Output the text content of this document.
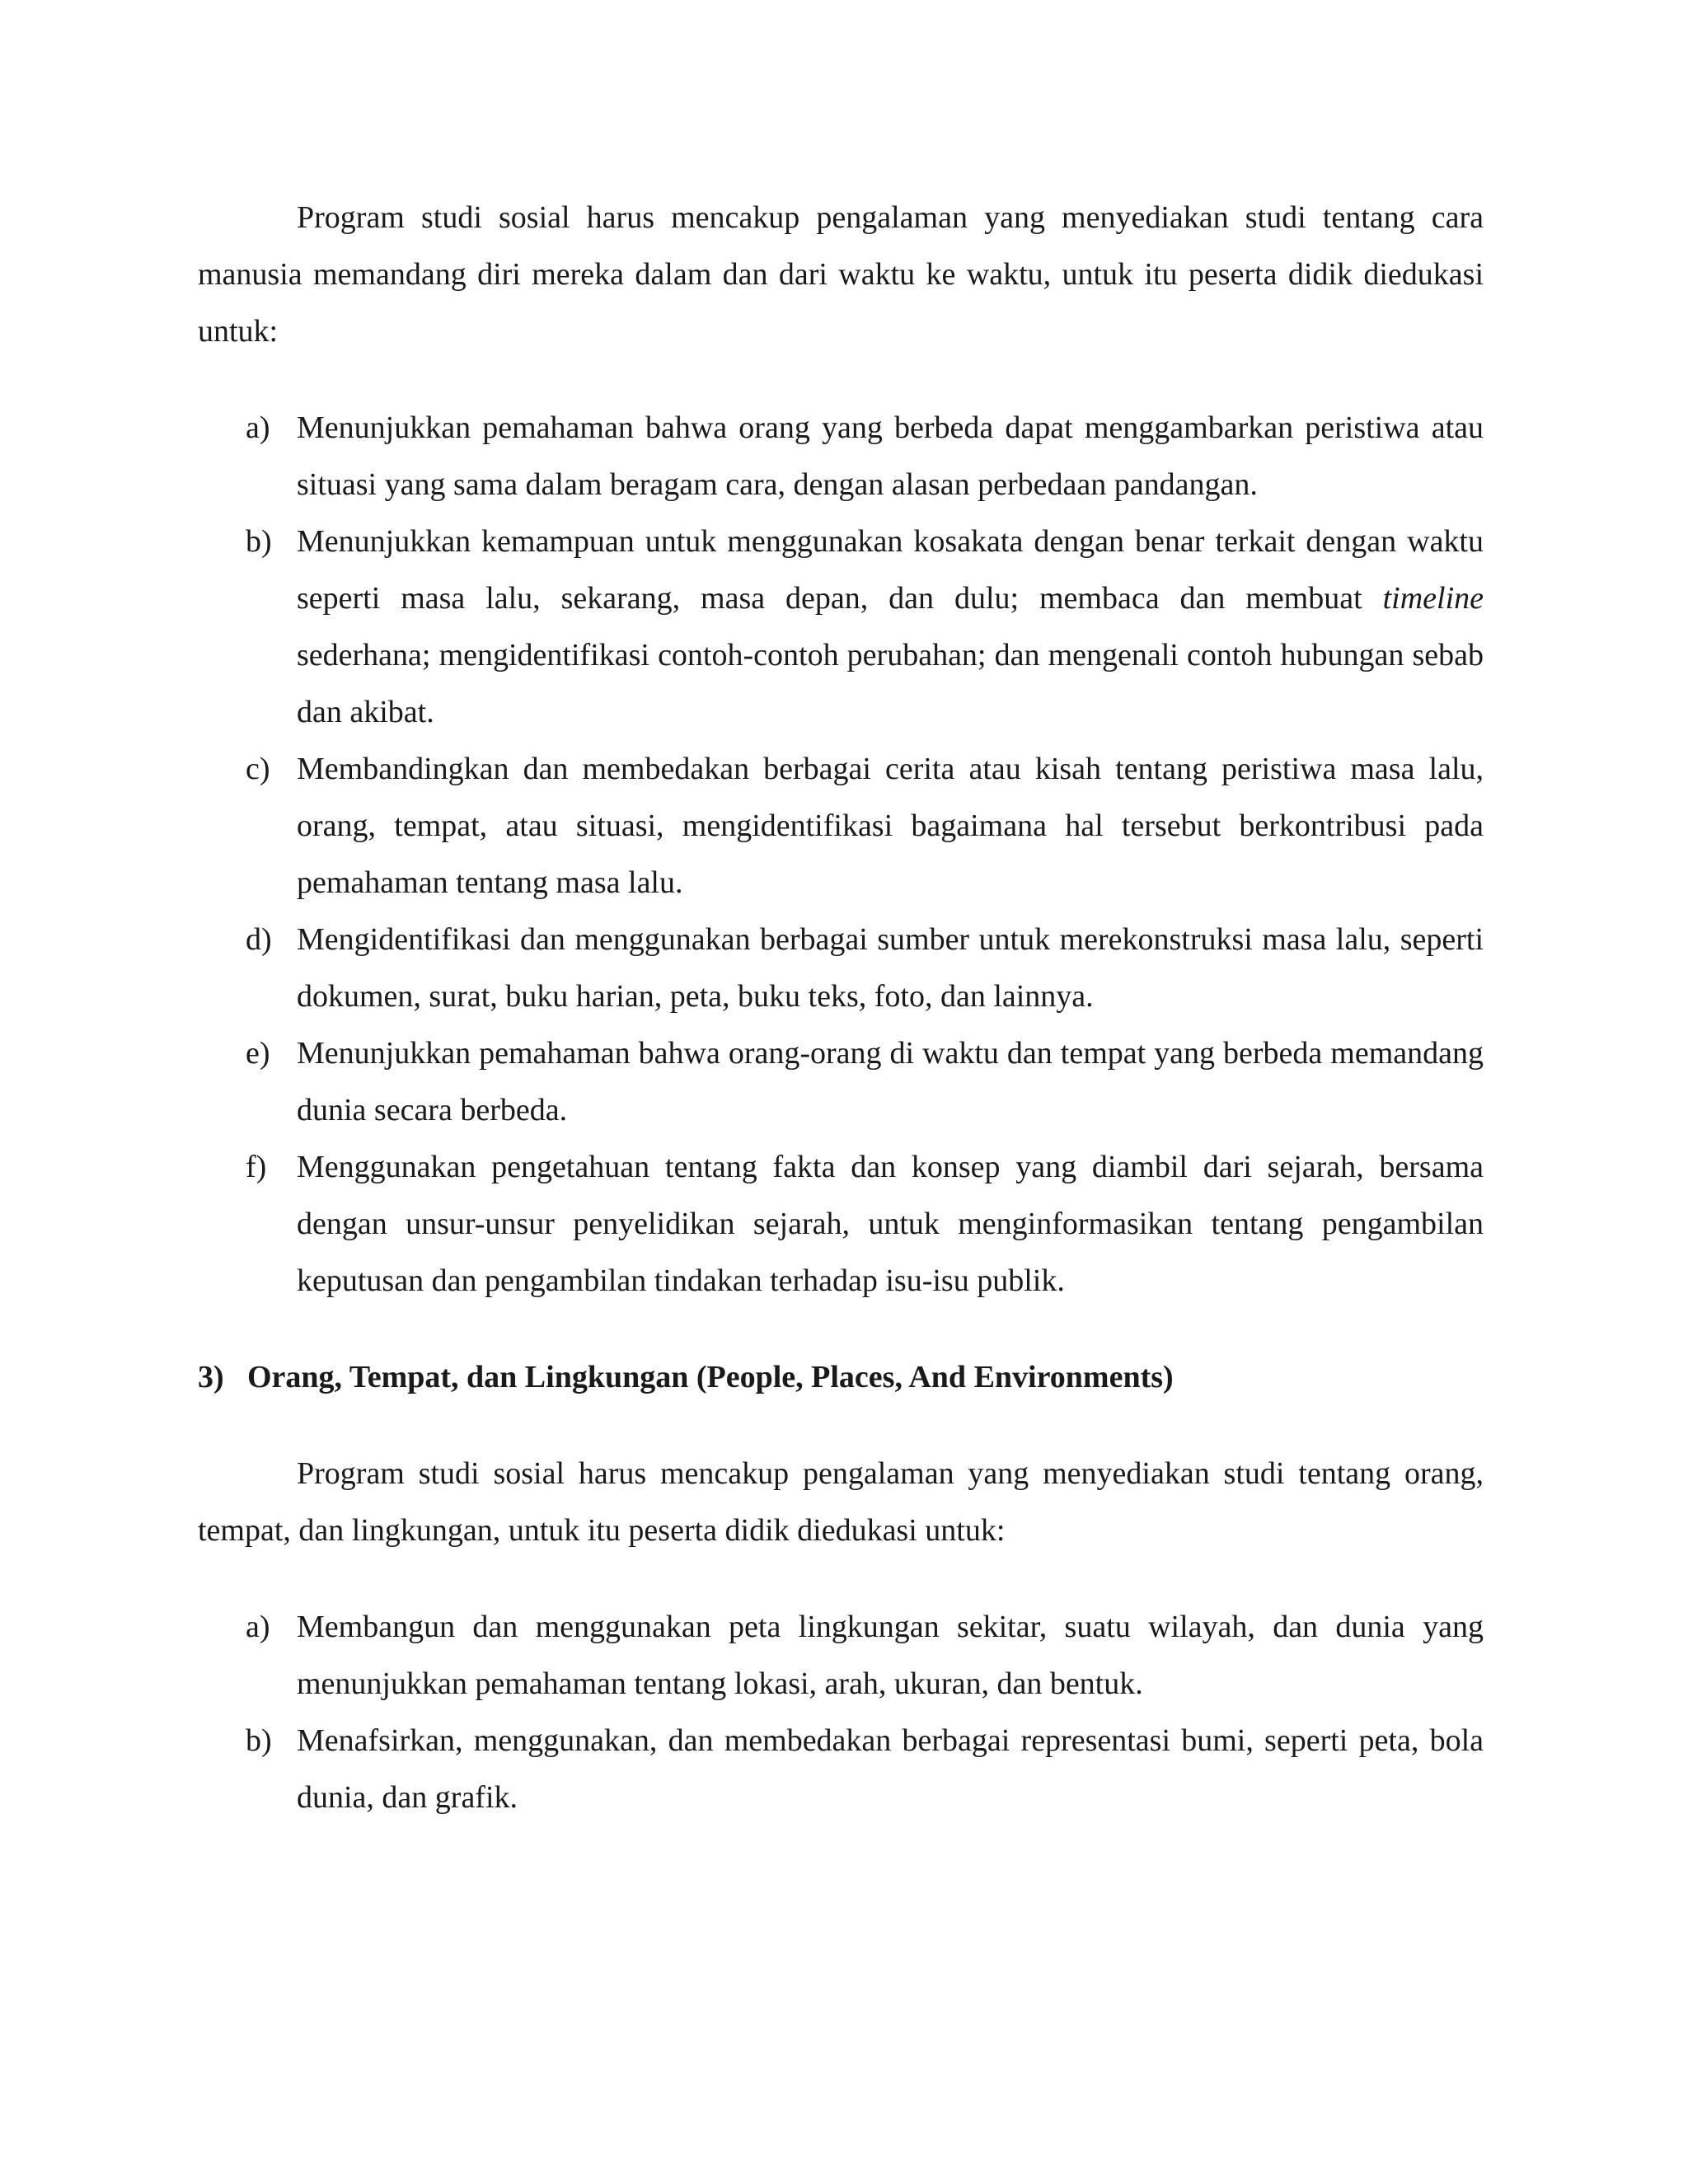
Program studi sosial harus mencakup pengalaman yang menyediakan studi tentang cara manusia memandang diri mereka dalam dan dari waktu ke waktu, untuk itu peserta didik diedukasi untuk:

a) Menunjukkan pemahaman bahwa orang yang berbeda dapat menggambarkan peristiwa atau situasi yang sama dalam beragam cara, dengan alasan perbedaan pandangan.
b) Menunjukkan kemampuan untuk menggunakan kosakata dengan benar terkait dengan waktu seperti masa lalu, sekarang, masa depan, dan dulu; membaca dan membuat timeline sederhana; mengidentifikasi contoh-contoh perubahan; dan mengenali contoh hubungan sebab dan akibat.
c) Membandingkan dan membedakan berbagai cerita atau kisah tentang peristiwa masa lalu, orang, tempat, atau situasi, mengidentifikasi bagaimana hal tersebut berkontribusi pada pemahaman tentang masa lalu.
d) Mengidentifikasi dan menggunakan berbagai sumber untuk merekonstruksi masa lalu, seperti dokumen, surat, buku harian, peta, buku teks, foto, dan lainnya.
e) Menunjukkan pemahaman bahwa orang-orang di waktu dan tempat yang berbeda memandang dunia secara berbeda.
f) Menggunakan pengetahuan tentang fakta dan konsep yang diambil dari sejarah, bersama dengan unsur-unsur penyelidikan sejarah, untuk menginformasikan tentang pengambilan keputusan dan pengambilan tindakan terhadap isu-isu publik.
3) Orang, Tempat, dan Lingkungan (People, Places, And Environments)

Program studi sosial harus mencakup pengalaman yang menyediakan studi tentang orang, tempat, dan lingkungan, untuk itu peserta didik diedukasi untuk:

a) Membangun dan menggunakan peta lingkungan sekitar, suatu wilayah, dan dunia yang menunjukkan pemahaman tentang lokasi, arah, ukuran, dan bentuk.
b) Menafsirkan, menggunakan, dan membedakan berbagai representasi bumi, seperti peta, bola dunia, dan grafik.
